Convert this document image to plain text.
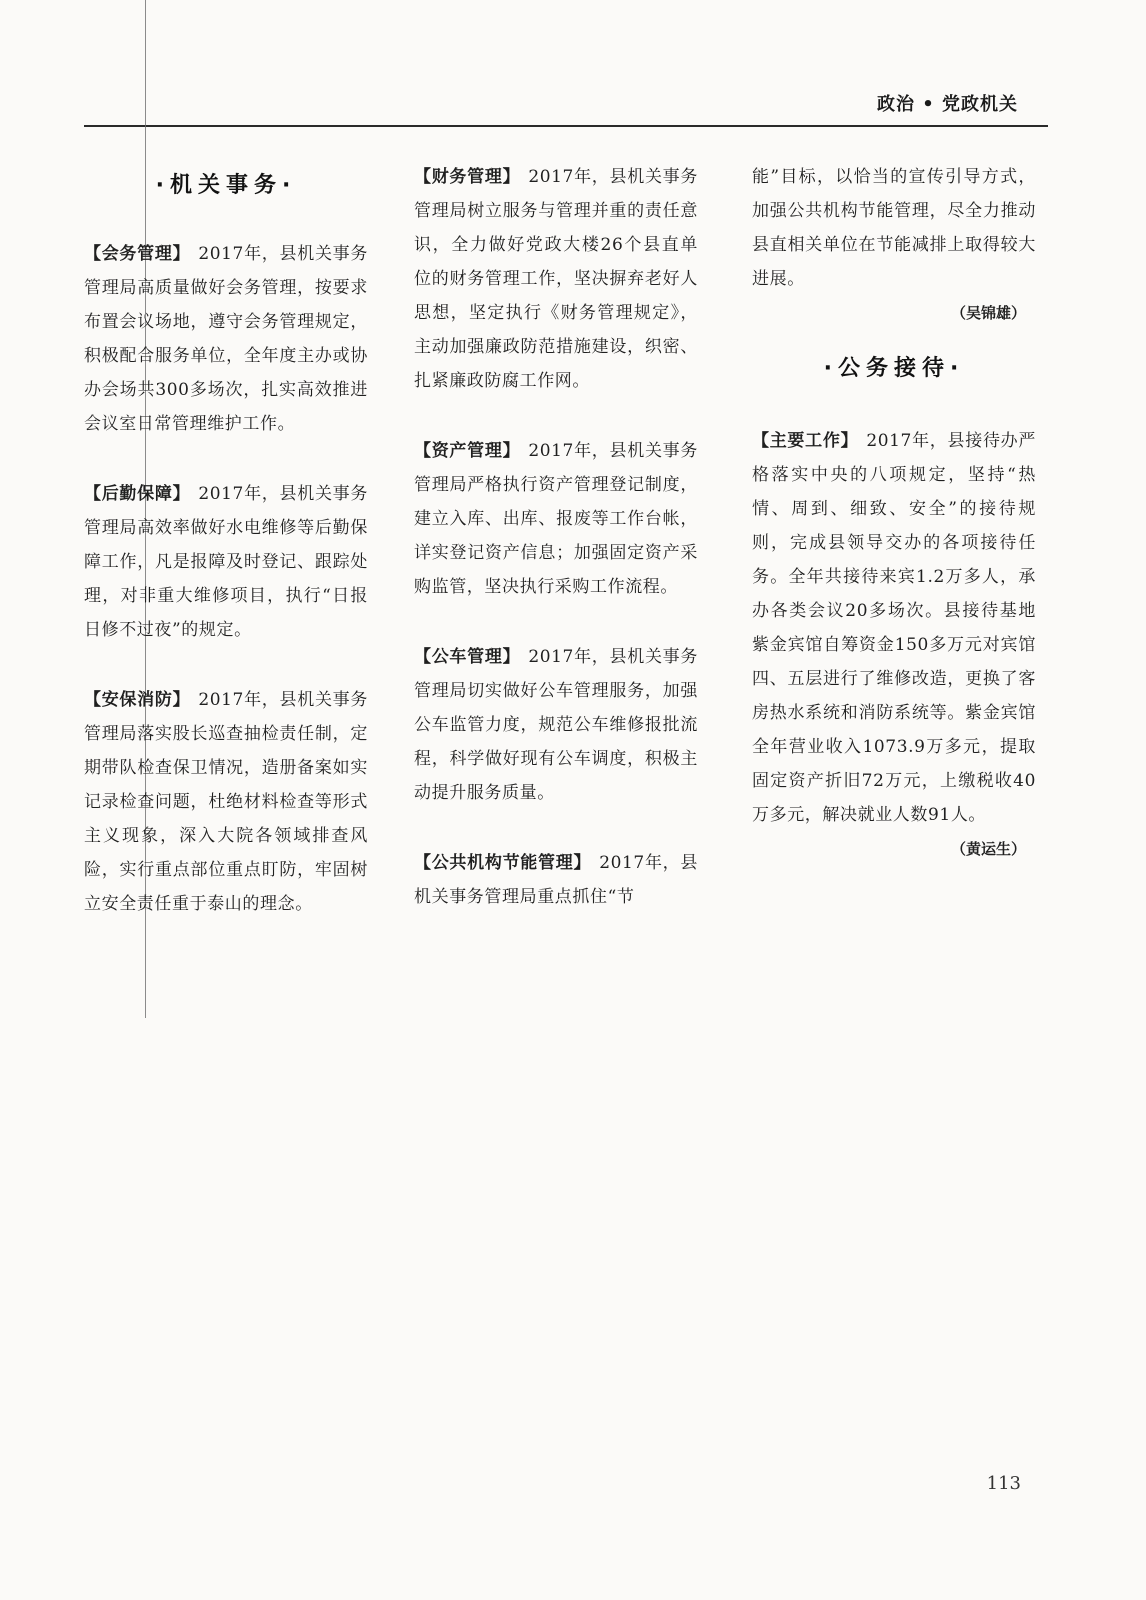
政治 • 党政机关
·机关事务·

【会务管理】 2017年，县机关事务管理局高质量做好会务管理，按要求布置会议场地，遵守会务管理规定，积极配合服务单位，全年度主办或协办会场共300多场次，扎实高效推进会议室日常管理维护工作。

【后勤保障】 2017年，县机关事务管理局高效率做好水电维修等后勤保障工作，凡是报障及时登记、跟踪处理，对非重大维修项目，执行“日报日修不过夜”的规定。

【安保消防】 2017年，县机关事务管理局落实股长巡查抽检责任制，定期带队检查保卫情况，造册备案如实记录检查问题，杜绝材料检查等形式主义现象，深入大院各领域排查风险，实行重点部位重点盯防，牢固树立安全责任重于泰山的理念。

【财务管理】 2017年，县机关事务管理局树立服务与管理并重的责任意识，全力做好党政大楼26个县直单位的财务管理工作，坚决摒弃老好人思想，坚定执行《财务管理规定》，主动加强廉政防范措施建设，织密、扎紧廉政防腐工作网。

【资产管理】 2017年，县机关事务管理局严格执行资产管理登记制度，建立入库、出库、报废等工作台帐，详实登记资产信息；加强固定资产采购监管，坚决执行采购工作流程。

【公车管理】 2017年，县机关事务管理局切实做好公车管理服务，加强公车监管力度，规范公车维修报批流程，科学做好现有公车调度，积极主动提升服务质量。

【公共机构节能管理】 2017年，县机关事务管理局重点抓住“节

能”目标，以恰当的宣传引导方式，加强公共机构节能管理，尽全力推动县直相关单位在节能减排上取得较大进展。

（吴锦雄）

·公务接待·

【主要工作】 2017年，县接待办严格落实中央的八项规定，坚持“热情、周到、细致、安全”的接待规则，完成县领导交办的各项接待任务。全年共接待来宾1.2万多人，承办各类会议20多场次。县接待基地紫金宾馆自筹资金150多万元对宾馆四、五层进行了维修改造，更换了客房热水系统和消防系统等。紫金宾馆全年营业收入1073.9万多元，提取固定资产折旧72万元，上缴税收40万多元，解决就业人数91人。

（黄运生）

113
